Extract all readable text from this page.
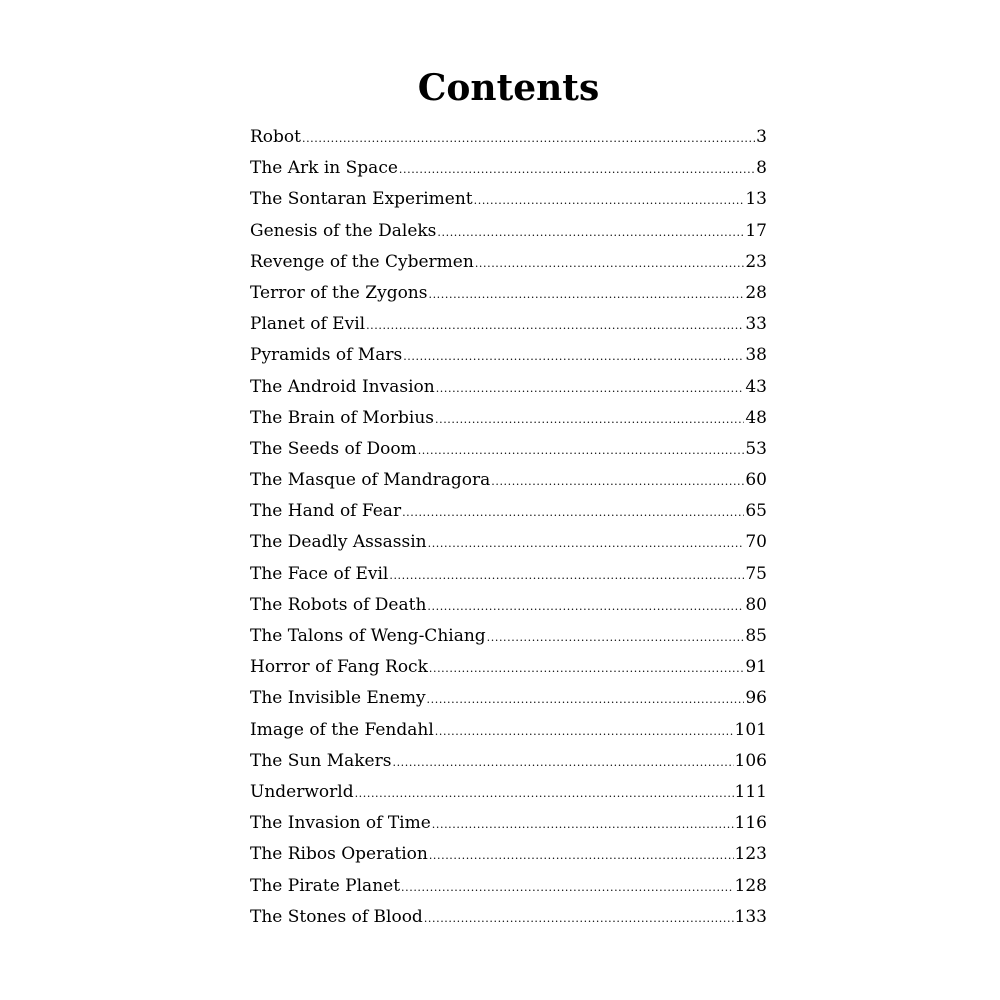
Contents
Robot .....	3
The Ark in Space .....	8
The Sontaran Experiment .....	13
Genesis of the Daleks .....	17
Revenge of the Cybermen .....	23
Terror of the Zygons .....	28
Planet of Evil .....	33
Pyramids of Mars .....	38
The Android Invasion .....	43
The Brain of Morbius .....	48
The Seeds of Doom .....	53
The Masque of Mandragora .....	60
The Hand of Fear .....	65
The Deadly Assassin .....	70
The Face of Evil .....	75
The Robots of Death .....	80
The Talons of Weng-Chiang .....	85
Horror of Fang Rock .....	91
The Invisible Enemy .....	96
Image of the Fendahl .....	101
The Sun Makers .....	106
Underworld .....	111
The Invasion of Time .....	116
The Ribos Operation .....	123
The Pirate Planet .....	128
The Stones of Blood .....	133
